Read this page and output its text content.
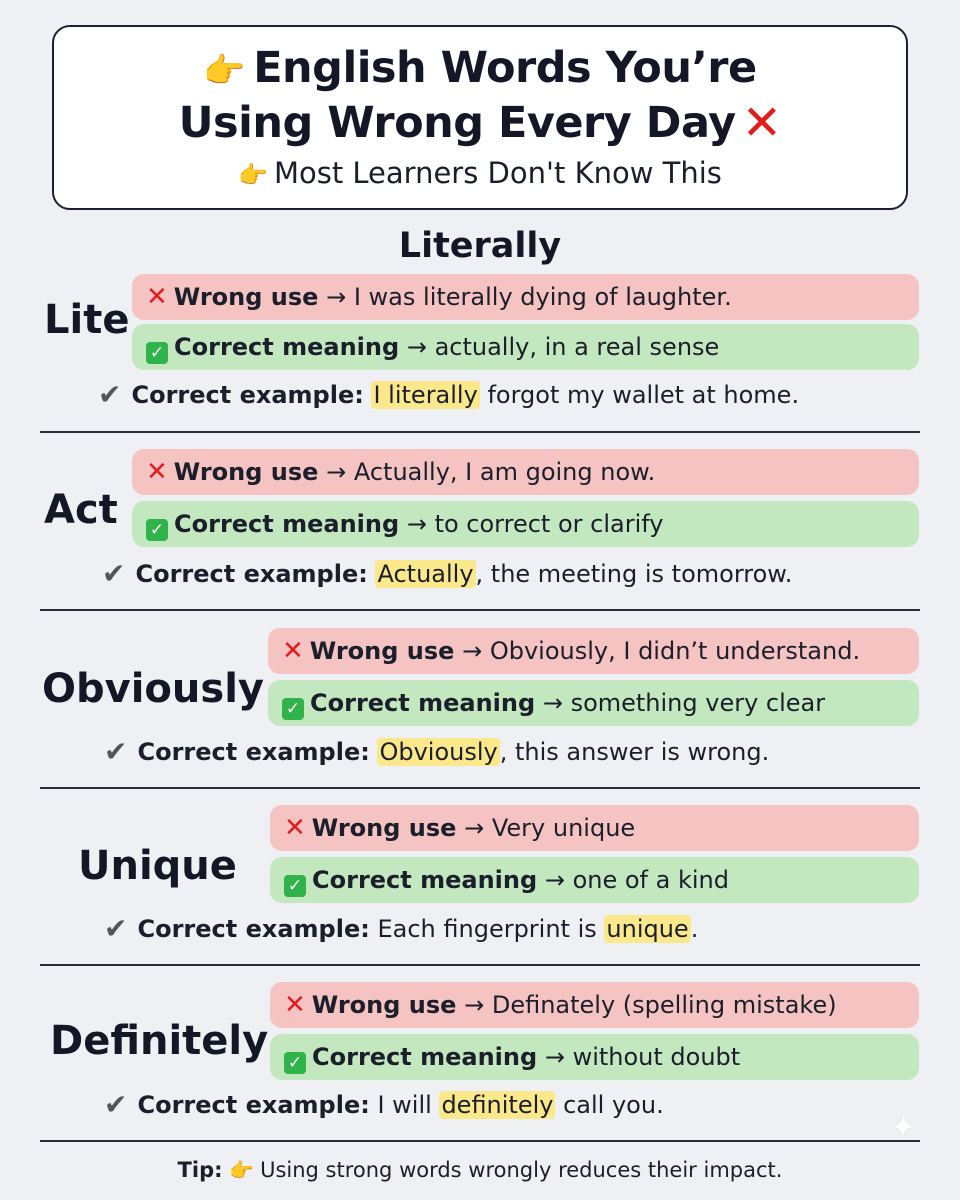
👉 English Words You’re
Using Wrong Every Day ✕
👉 Most Learners Don't Know This
Literally
Lite ✕ Wrong use → I was literally dying of laughter.
✓ Correct meaning → actually, in a real sense
✔ Correct example: I literally forgot my wallet at home.
Act
✕ Wrong use → Actually, I am going now.
✓ Correct meaning → to correct or clarify
✔ Correct example: Actually, the meeting is tomorrow.
Obviously
✕ Wrong use → Obviously, I didn’t understand.
✓ Correct meaning → something very clear
✔ Correct example: Obviously, this answer is wrong.
Unique
✕ Wrong use → Very unique
✓ Correct meaning → one of a kind
✔ Correct example: Each fingerprint is unique.
Definitely
✕ Wrong use → Definately (spelling mistake)
✓ Correct meaning → without doubt
✔ Correct example: I will definitely call you.
Tip: 👉 Using strong words wrongly reduces their impact.
✦
